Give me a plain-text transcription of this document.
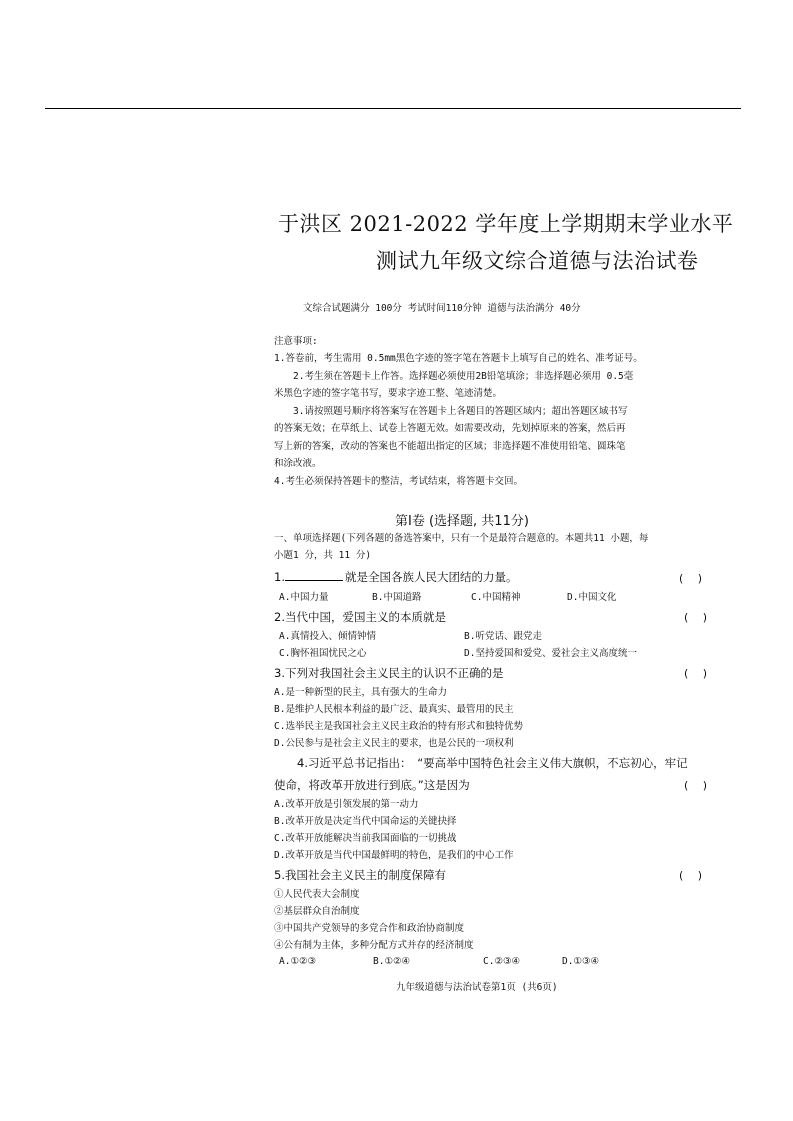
于洪区 2021-2022 学年度上学期期末学业水平
测试九年级文综合道德与法治试卷
文综合试题满分 100分 考试时间110分钟 道德与法治满分 40分
注意事项:
1.答卷前，考生需用 0.5mm黑色字迹的签字笔在答题卡上填写自己的姓名、准考证号。
2.考生须在答题卡上作答。选择题必须使用2B铅笔填涂；非选择题必须用 0.5毫
米黑色字迹的签字笔书写，要求字迹工整、笔迹清楚。
3.请按照题号顺序将答案写在答题卡上各题目的答题区域内；超出答题区域书写
的答案无效；在草纸上、试卷上答题无效。如需要改动，先划掉原来的答案，然后再
写上新的答案，改动的答案也不能超出指定的区域；非选择题不准使用铅笔、圆珠笔
和涂改液。
4.考生必须保持答题卡的整洁，考试结束，将答题卡交回。
第Ⅰ卷 (选择题, 共11分)
一、单项选择题(下列各题的备选答案中，只有一个是最符合题意的。本题共11 小题，每
小题1 分，共 11 分)
1.	就是全国各族人民大团结的力量。	(　 )
A.中国力量	B.中国道路	C.中国精神	D.中国文化
2.当代中国，爱国主义的本质就是	(　 )
A.真情投入、倾情钟情	B.听党话、跟党走
C.胸怀祖国忧民之心	D.坚持爱国和爱党、爱社会主义高度统一
3.下列对我国社会主义民主的认识不正确的是	(　 )
A.是一种新型的民主，具有强大的生命力
B.是维护人民根本利益的最广泛、最真实、最管用的民主
C.选举民主是我国社会主义民主政治的特有形式和独特优势
D.公民参与是社会主义民主的要求，也是公民的一项权利
4.习近平总书记指出：　“要高举中国特色社会主义伟大旗帜，不忘初心，牢记
使命，将改革开放进行到底。”这是因为	(　 )
A.改革开放是引领发展的第一动力
B.改革开放是决定当代中国命运的关键抉择
C.改革开放能解决当前我国面临的一切挑战
D.改革开放是当代中国最鲜明的特色，是我们的中心工作
5.我国社会主义民主的制度保障有	(　 )
①人民代表大会制度
②基层群众自治制度
③中国共产党领导的多党合作和政治协商制度
④公有制为主体，多种分配方式并存的经济制度
A.①②③	B.①②④	C.②③④	D.①③④
九年级道德与法治试卷第1页 (共6页)
